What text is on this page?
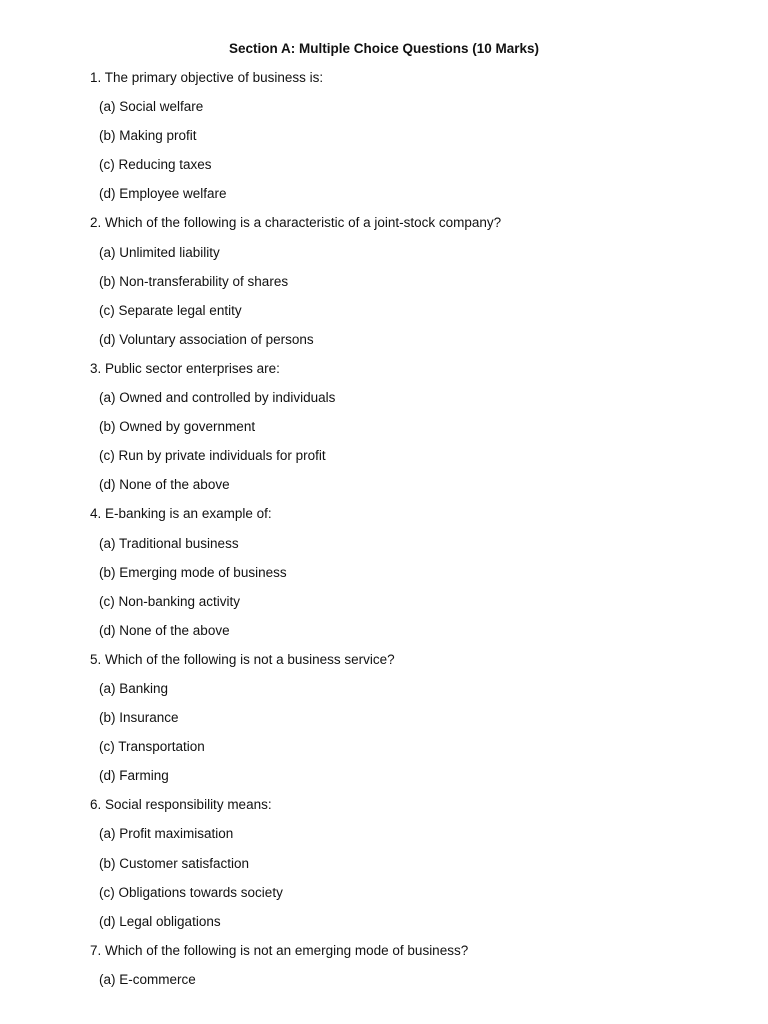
Section A: Multiple Choice Questions (10 Marks)
1. The primary objective of business is:
(a) Social welfare
(b) Making profit
(c) Reducing taxes
(d) Employee welfare
2. Which of the following is a characteristic of a joint-stock company?
(a) Unlimited liability
(b) Non-transferability of shares
(c) Separate legal entity
(d) Voluntary association of persons
3. Public sector enterprises are:
(a) Owned and controlled by individuals
(b) Owned by government
(c) Run by private individuals for profit
(d) None of the above
4. E-banking is an example of:
(a) Traditional business
(b) Emerging mode of business
(c) Non-banking activity
(d) None of the above
5. Which of the following is not a business service?
(a) Banking
(b) Insurance
(c) Transportation
(d) Farming
6. Social responsibility means:
(a) Profit maximisation
(b) Customer satisfaction
(c) Obligations towards society
(d) Legal obligations
7. Which of the following is not an emerging mode of business?
(a) E-commerce
